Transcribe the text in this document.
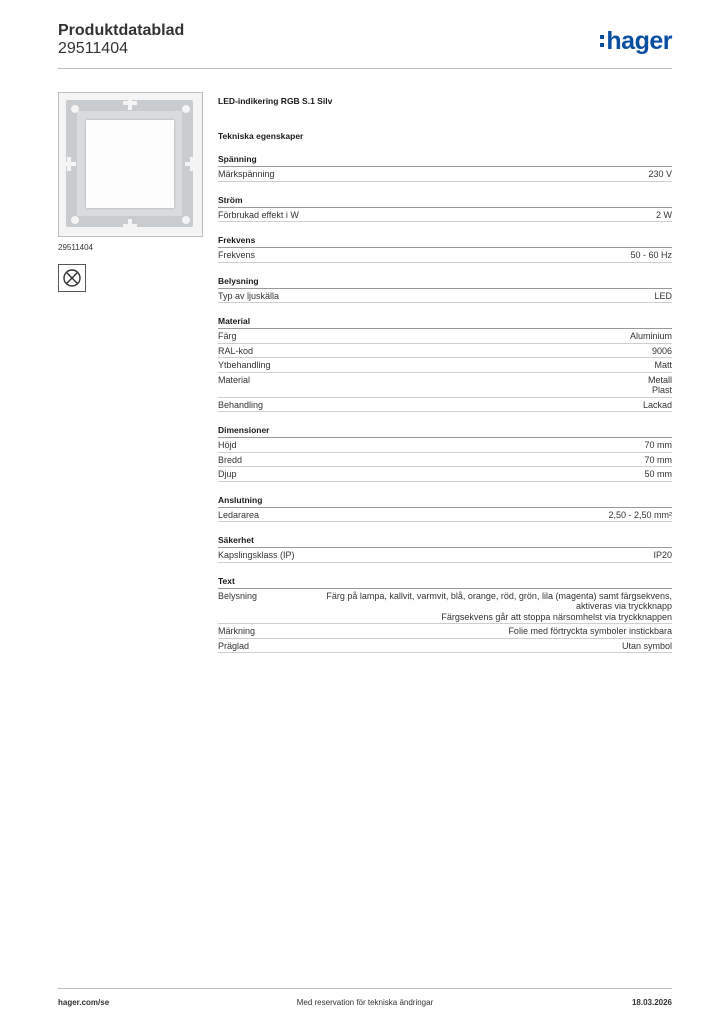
Produktdatablad
29511404	hager
29511404
LED-indikering RGB S.1 Silv
Tekniska egenskaper
Spänning
Märkspänning	230 V
Ström
Förbrukad effekt i W	2 W
Frekvens
Frekvens	50 - 60 Hz
Belysning
Typ av ljuskälla	LED
Material
Färg	Aluminium
RAL-kod	9006
Ytbehandling	Matt
Material	Metall
Plast
Behandling	Lackad
Dimensioner
Höjd	70 mm
Bredd	70 mm
Djup	50 mm
Anslutning
Ledararea	2,50 - 2,50 mm²
Säkerhet
Kapslingsklass (IP)	IP20
Text
Belysning	Färg på lampa, kallvit, varmvit, blå, orange, röd, grön, lila (magenta) samt färgsekvens,
aktiveras via tryckknapp
Färgsekvens går att stoppa närsomhelst via tryckknappen
Märkning	Folie med förtryckta symboler instickbara
Präglad	Utan symbol
hager.com/se	Med reservation för tekniska ändringar	18.03.2026
